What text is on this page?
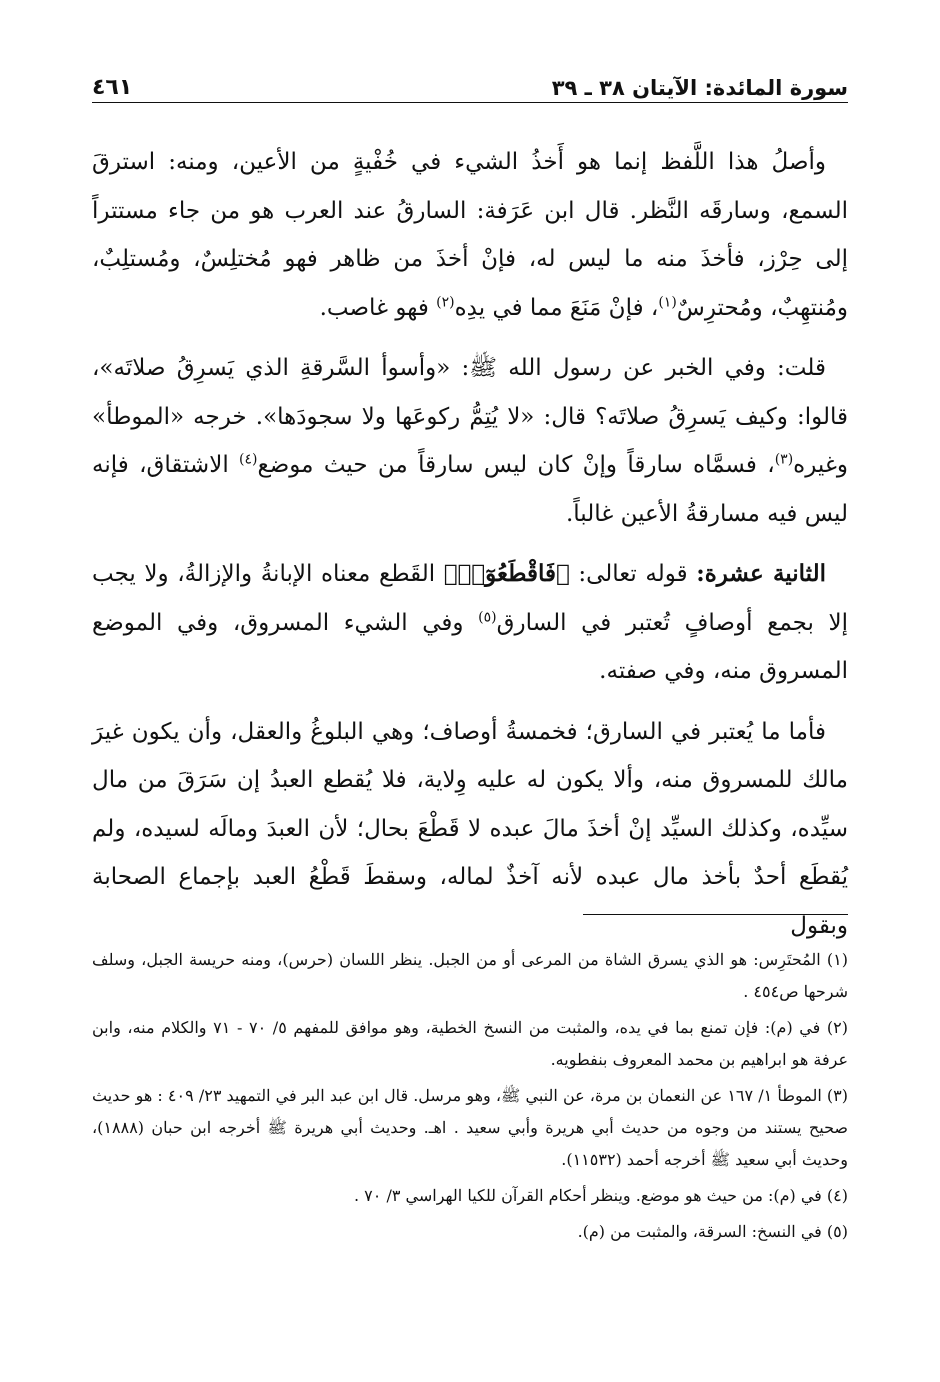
سورة المائدة: الآيتان ٣٨ ـ ٣٩
٤٦١

وأصلُ هذا اللَّفظ إنما هو أَخذُ الشيء في خُفْيةٍ من الأعين، ومنه: استرقَ السمع، وسارقَه النَّظر. قال ابن عَرَفة: السارقُ عند العرب هو من جاء مستتراً إلى حِرْز، فأخذَ منه ما ليس له، فإنْ أخذَ من ظاهر فهو مُختلِسٌ، ومُستلِبٌ، ومُنتهِبٌ، ومُحترِسٌ$^{(١)}$، فإنْ مَنَعَ مما في يدِه$^{(٢)}$ فهو غاصب.

قلت: وفي الخبر عن رسول الله ﷺ: «وأسوأ السَّرقةِ الذي يَسرِقُ صلاتَه»، قالوا: وكيف يَسرِقُ صلاتَه؟ قال: «لا يُتِمُّ ركوعَها ولا سجودَها». خرجه «الموطأ» وغيره$^{(٣)}$، فسمَّاه سارقاً وإنْ كان ليس سارقاً من حيث موضع$^{(٤)}$ الاشتقاق، فإنه ليس فيه مسارقةُ الأعين غالباً.

الثانية عشرة: قوله تعالى: ﴿فَاقْطَعُوٓا۟﴾ القَطع معناه الإبانةُ والإزالةُ، ولا يجب إلا بجمع أوصافٍ تُعتبر في السارق$^{(٥)}$ وفي الشيء المسروق، وفي الموضع المسروق منه، وفي صفته.

فأما ما يُعتبر في السارق؛ فخمسةُ أوصاف؛ وهي البلوغُ والعقل، وأن يكون غيرَ مالك للمسروق منه، وألا يكون له عليه وِلاية، فلا يُقطع العبدُ إن سَرَقَ من مال سيِّده، وكذلك السيِّد إنْ أخذَ مالَ عبده لا قَطْعَ بحال؛ لأن العبدَ ومالَه لسيده، ولم يُقطَع أحدٌ بأخذ مال عبده لأنه آخذٌ لماله، وسقطَ قَطْعُ العبد بإجماع الصحابة وبقول

(١) المُحتَرِس: هو الذي يسرق الشاة من المرعى أو من الجبل. ينظر اللسان (حرس)، ومنه حريسة الجبل، وسلف شرحها ص٤٥٤ .

(٢) في (م): فإن تمنع بما في يده، والمثبت من النسخ الخطية، وهو موافق للمفهم ٥/ ٧٠ - ٧١ والكلام منه، وابن عرفة هو ابراهيم بن محمد المعروف بنفطويه.

(٣) الموطأ ١/ ١٦٧ عن النعمان بن مرة، عن النبي ﷺ، وهو مرسل. قال ابن عبد البر في التمهيد ٢٣/ ٤٠٩ : هو حديث صحيح يستند من وجوه من حديث أبي هريرة وأبي سعيد . اهـ. وحديث أبي هريرة ﷺ أخرجه ابن حبان (١٨٨٨)، وحديث أبي سعيد ﷺ أخرجه أحمد (١١٥٣٢).

(٤) في (م): من حيث هو موضع. وينظر أحكام القرآن للكيا الهراسي ٣/ ٧٠ .

(٥) في النسخ: السرقة، والمثبت من (م).
